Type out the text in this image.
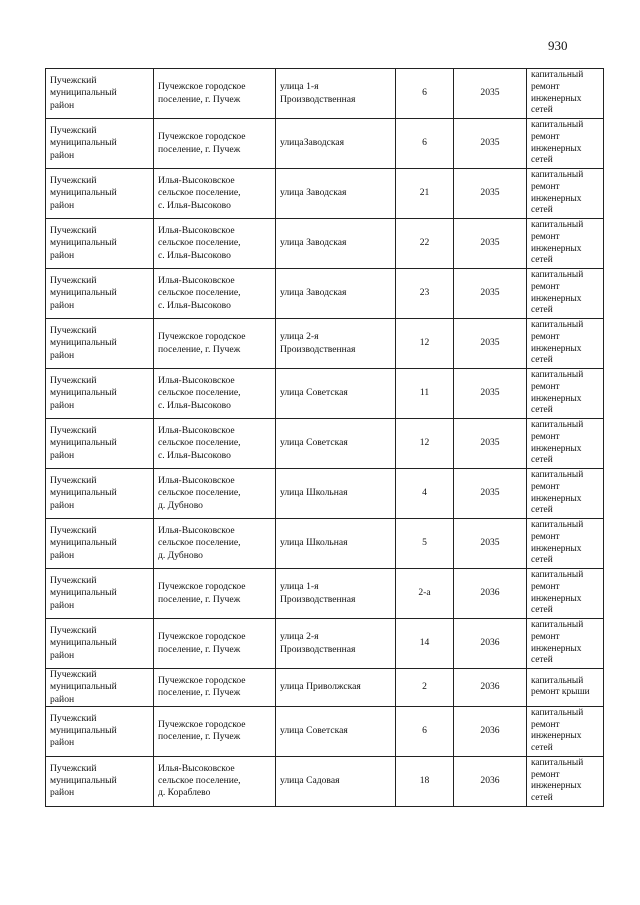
930
Пучежский
муниципальный
район	Пучежское городское
поселение, г. Пучеж	улица 1-я
Производственная	6	2035	капитальный
ремонт
инженерных
сетей

Пучежский
муниципальный
район	Пучежское городское
поселение, г. Пучеж	улицаЗаводская	6	2035	капитальный
ремонт
инженерных
сетей

Пучежский
муниципальный
район	Илья-Высоковское
сельское поселение,
с. Илья-Высоково	улица Заводская	21	2035	капитальный
ремонт
инженерных
сетей

Пучежский
муниципальный
район	Илья-Высоковское
сельское поселение,
с. Илья-Высоково	улица Заводская	22	2035	капитальный
ремонт
инженерных
сетей

Пучежский
муниципальный
район	Илья-Высоковское
сельское поселение,
с. Илья-Высоково	улица Заводская	23	2035	капитальный
ремонт
инженерных
сетей

Пучежский
муниципальный
район	Пучежское городское
поселение, г. Пучеж	улица 2-я
Производственная	12	2035	капитальный
ремонт
инженерных
сетей

Пучежский
муниципальный
район	Илья-Высоковское
сельское поселение,
с. Илья-Высоково	улица Советская	11	2035	капитальный
ремонт
инженерных
сетей

Пучежский
муниципальный
район	Илья-Высоковское
сельское поселение,
с. Илья-Высоково	улица Советская	12	2035	капитальный
ремонт
инженерных
сетей

Пучежский
муниципальный
район	Илья-Высоковское
сельское поселение,
д. Дубново	улица Школьная	4	2035	капитальный
ремонт
инженерных
сетей

Пучежский
муниципальный
район	Илья-Высоковское
сельское поселение,
д. Дубново	улица Школьная	5	2035	капитальный
ремонт
инженерных
сетей

Пучежский
муниципальный
район	Пучежское городское
поселение, г. Пучеж	улица 1-я
Производственная	2-а	2036	капитальный
ремонт
инженерных
сетей

Пучежский
муниципальный
район	Пучежское городское
поселение, г. Пучеж	улица 2-я
Производственная	14	2036	капитальный
ремонт
инженерных
сетей

Пучежский
муниципальный
район	Пучежское городское
поселение, г. Пучеж	улица Приволжская	2	2036	капитальный
ремонт крыши

Пучежский
муниципальный
район	Пучежское городское
поселение, г. Пучеж	улица Советская	6	2036	капитальный
ремонт
инженерных
сетей

Пучежский
муниципальный
район	Илья-Высоковское
сельское поселение,
д. Кораблево	улица Садовая	18	2036	капитальный
ремонт
инженерных
сетей
